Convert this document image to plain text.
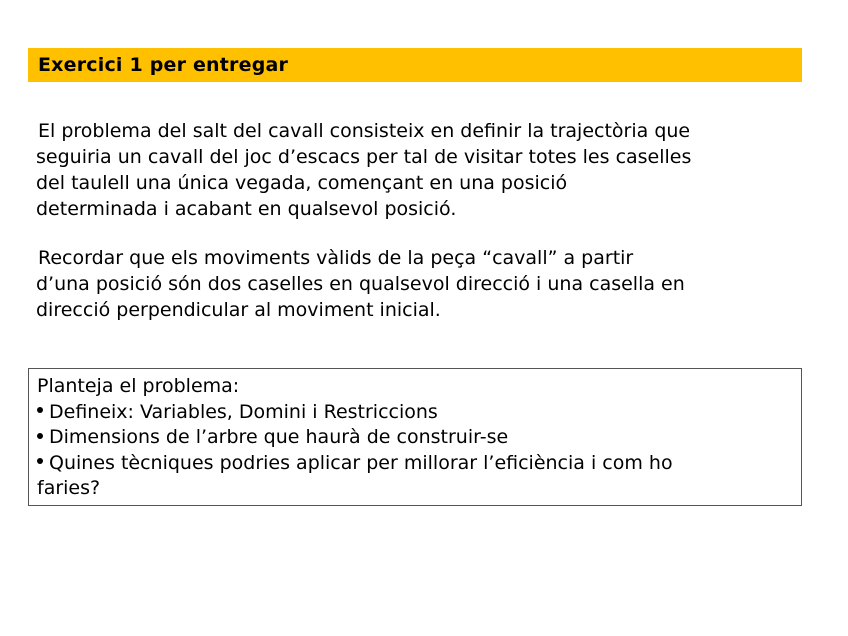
Exercici 1 per entregar

El problema del salt del cavall consisteix en definir la trajectòria que
seguiria un cavall del joc d’escacs per tal de visitar totes les caselles
del taulell una única vegada, començant en una posició
determinada i acabant en qualsevol posició.

Recordar que els moviments vàlids de la peça “cavall” a partir
d’una posició són dos caselles en qualsevol direcció i una casella en
direcció perpendicular al moviment inicial.

Planteja el problema:
Defineix: Variables, Domini i Restriccions
Dimensions de l’arbre que haurà de construir-se
Quines tècniques podries aplicar per millorar l’eficiència i com ho
faries?
